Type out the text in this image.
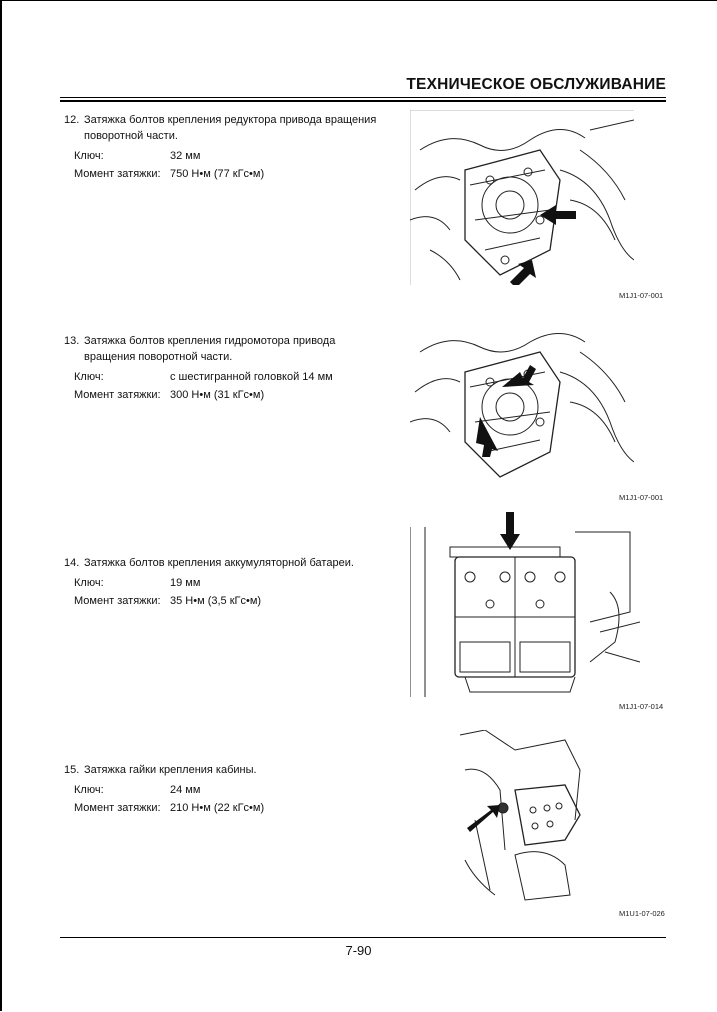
ТЕХНИЧЕСКОЕ ОБСЛУЖИВАНИЕ
12. Затяжка болтов крепления редуктора привода вращения поворотной части.
Ключ:	32 мм
Момент затяжки: 750 Н•м (77 кГс•м)
13. Затяжка болтов крепления гидромотора привода вращения поворотной части.
Ключ:	с шестигранной головкой 14 мм
Момент затяжки: 300 Н•м (31 кГс•м)
14. Затяжка болтов крепления аккумуляторной батареи.
Ключ:	19 мм
Момент затяжки: 35 Н•м (3,5 кГс•м)
15. Затяжка гайки крепления кабины.
Ключ:	24 мм
Момент затяжки: 210 Н•м (22 кГс•м)
M1J1-07-001
M1J1-07-001
M1J1-07-014
M1U1-07-026
7-90
